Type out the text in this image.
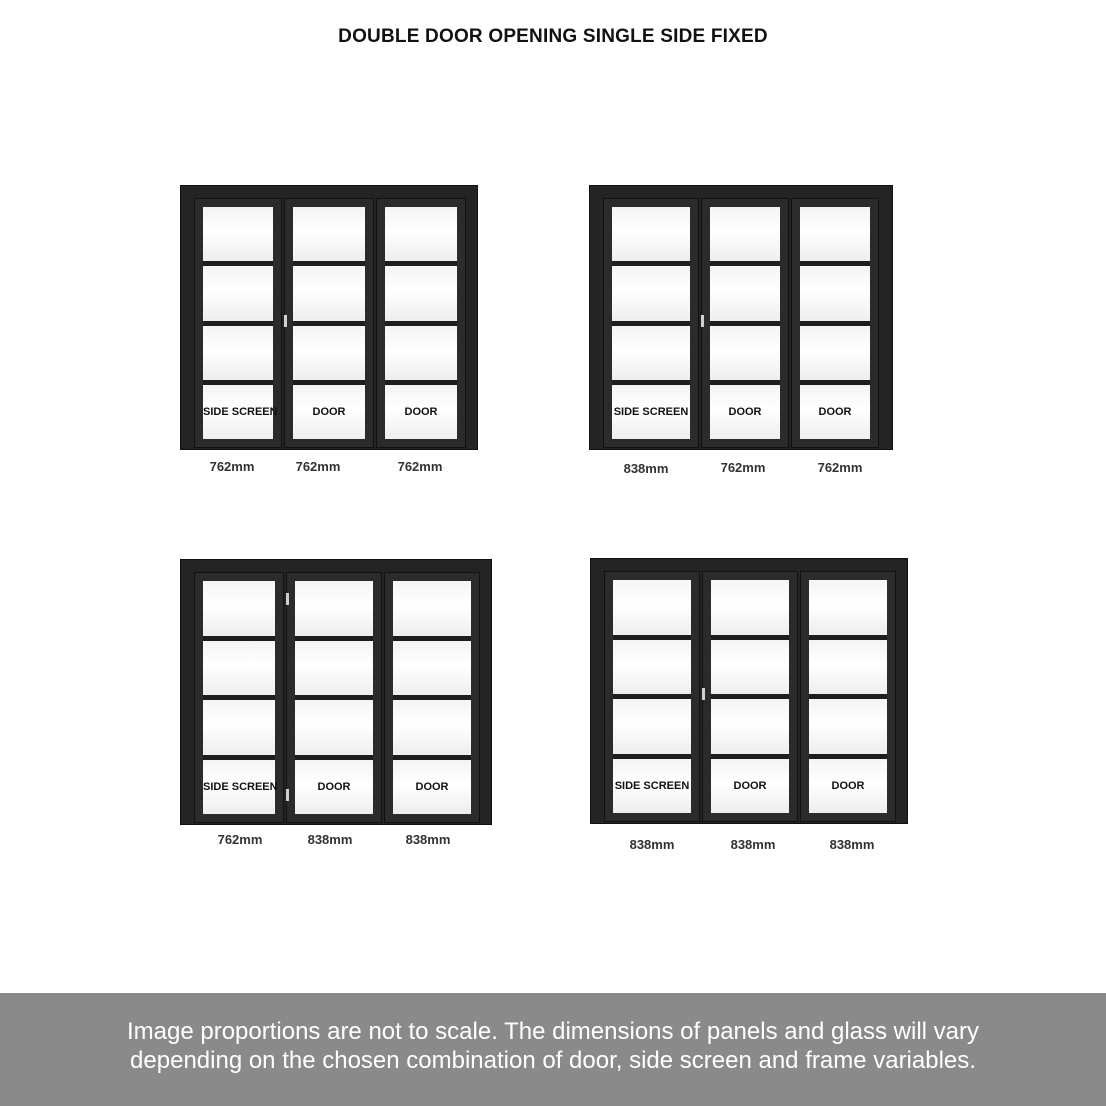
DOUBLE DOOR OPENING SINGLE SIDE FIXED
SIDE SCREEN	DOOR	DOOR
762mm	762mm	762mm
SIDE SCREEN	DOOR	DOOR
838mm	762mm	762mm
SIDE SCREEN	DOOR	DOOR
762mm	838mm	838mm
SIDE SCREEN	DOOR	DOOR
838mm	838mm	838mm

Image proportions are not to scale. The dimensions of panels and glass will vary

depending on the chosen combination of door, side screen and frame variables.
